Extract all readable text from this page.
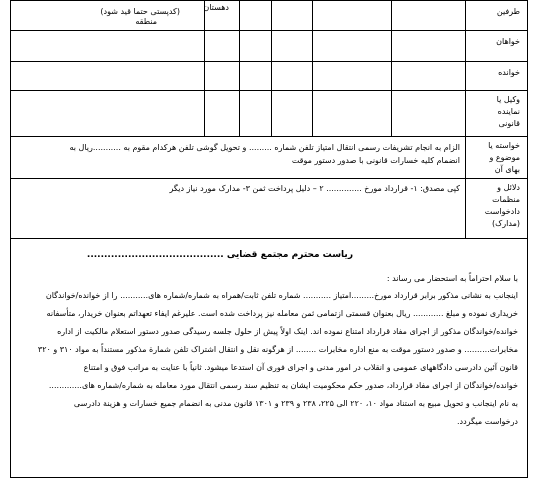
دهستان
(کدپستی حتما قید شود)
منطقه
طرفین
خواهان
خوانده
وکیل یا
نماینده
قانونی
خواسته یا
موضوع و
بهای آن
دلائل و
منظمات
دادخواست
(مدارک)
الزام به انجام تشریفات رسمی انتقال امتیاز تلفن شماره ......... و تحویل گوشی تلفن هرکدام مقوم به ...........ریال به
انضمام کلیه خسارات قانونی با صدور دستور موقت
کپی مصدق: ۱- قرارداد مورخ .............. ۲ – دلیل پرداخت ثمن ۳- مدارک مورد نیاز دیگر
ریاست محترم مجتمع قضایی ........................................
با سلام احتراماً به استحضار می رساند :
اینجانب به نشانی مذکور برابر قرارداد مورخ.........امتیاز ........... شماره تلفن ثابت/همراه به شماره/شماره های........... را از خوانده/خواندگان
خریداری نموده و مبلغ ............ ریال بعنوان قسمتی ازتمامی ثمن معامله نیز پرداخت شده است. علیرغم ایفاء تعهداتم بعنوان خریدار، متأسفانه
خوانده/خواندگان مذکور از اجرای مفاد قرارداد امتناع نموده اند. اینک اولاً پیش از حلول جلسه رسیدگی صدور دستور استعلام مالکیت از اداره
مخابرات.......... و صدور دستور موقت به منع اداره مخابرات ........ از هرگونه نقل و انتقال اشتراک تلفن شمارة مذکور مستنداً به مواد ۳۱۰ و ۳۲۰
قانون آئین دادرسی دادگاههای عمومی و انقلاب در امور مدنی و اجرای فوری آن استدعا میشود. ثانیاً با عنایت به مراتب فوق و امتناع
خوانده/خواندگان از اجرای مفاد قرارداد، صدور حکم محکومیت ایشان به تنظیم سند رسمی انتقال مورد معامله به شماره/شماره های.............
به نام اینجانب و تحویل مبیع به استناد مواد ۱۰، ۲۲۰ الی ۲۲۵، ۲۳۸ و ۲۳۹ و ۱۳۰۱ قانون مدنی به انضمام جمیع خسارات و هزینة دادرسی
درخواست میگردد.
